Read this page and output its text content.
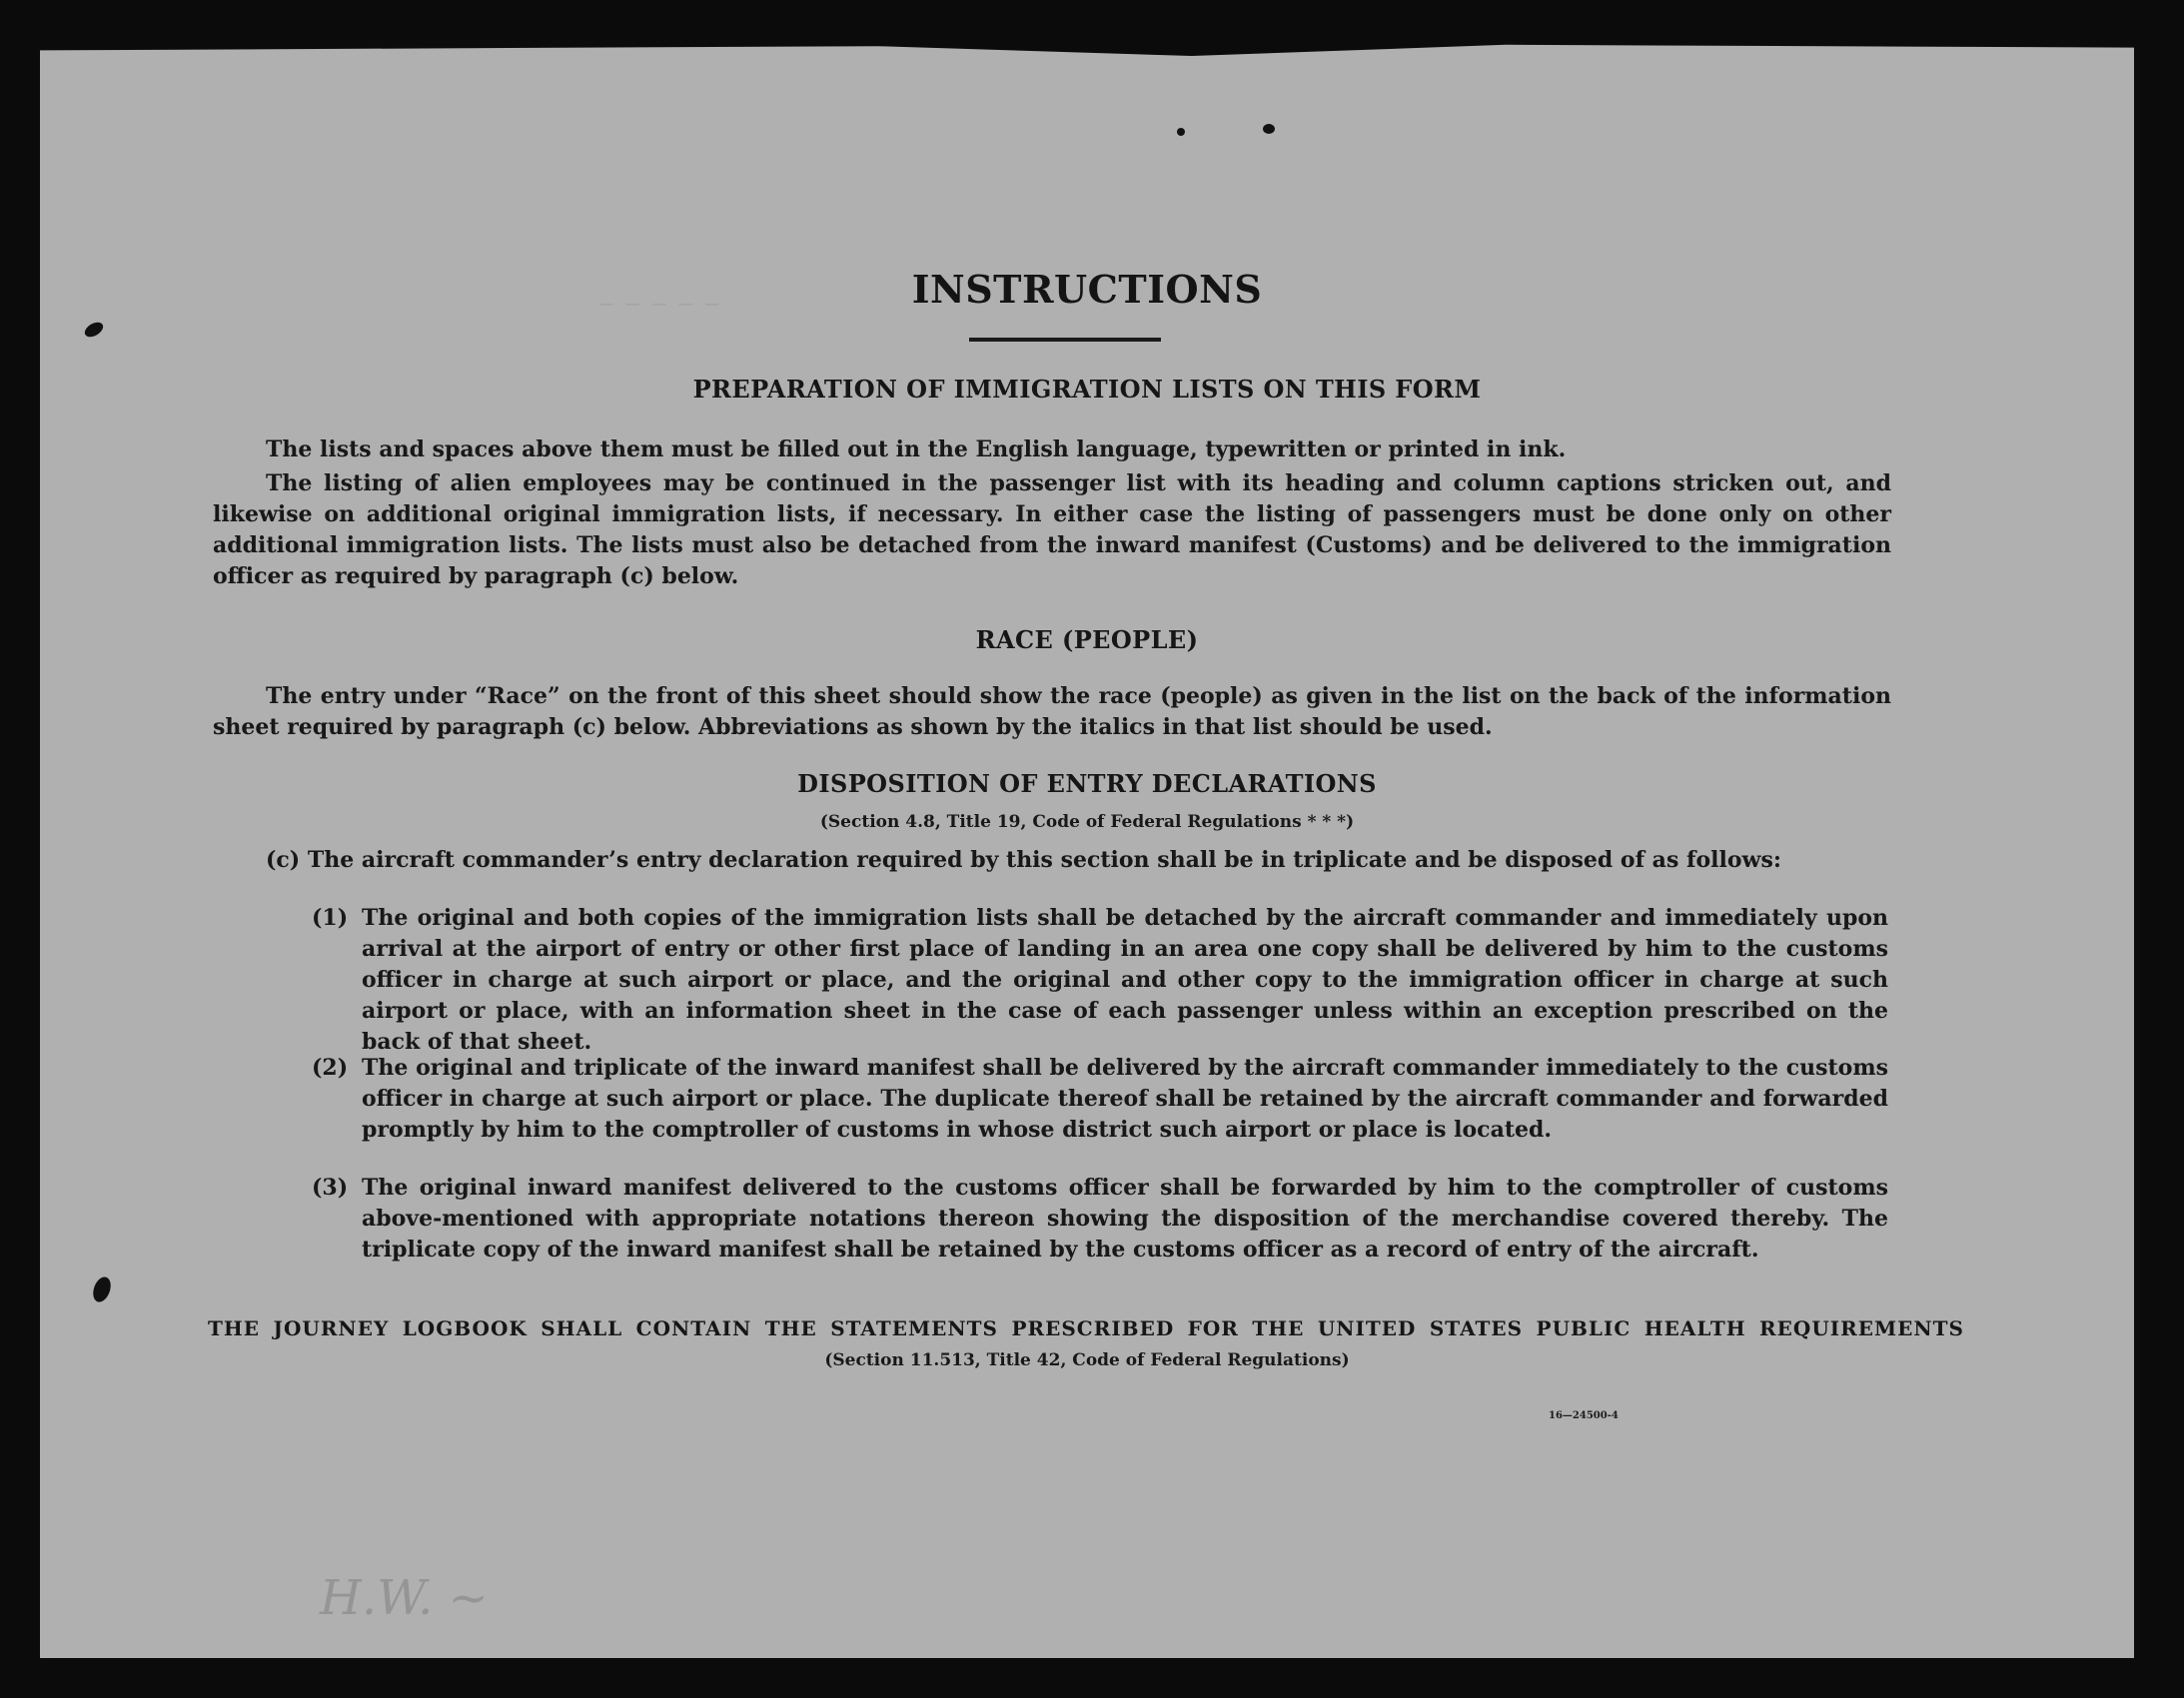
— — — — —	INSTRUCTIONS
PREPARATION OF IMMIGRATION LISTS ON THIS FORM
The lists and spaces above them must be filled out in the English language, typewritten or printed in ink.
The listing of alien employees may be continued in the passenger list with its heading and column captions stricken out, and likewise on additional original immigration lists, if necessary. In either case the listing of passengers must be done only on other additional immigration lists. The lists must also be detached from the inward manifest (Customs) and be delivered to the immigration officer as required by paragraph (c) below.
RACE (PEOPLE)
The entry under “Race” on the front of this sheet should show the race (people) as given in the list on the back of the information sheet required by paragraph (c) below. Abbreviations as shown by the italics in that list should be used.
DISPOSITION OF ENTRY DECLARATIONS
(Section 4.8, Title 19, Code of Federal Regulations * * *)
(c) The aircraft commander’s entry declaration required by this section shall be in triplicate and be disposed of as follows:
(1) The original and both copies of the immigration lists shall be detached by the aircraft commander and immediately upon arrival at the airport of entry or other first place of landing in an area one copy shall be delivered by him to the customs officer in charge at such airport or place, and the original and other copy to the immigration officer in charge at such airport or place, with an information sheet in the case of each passenger unless within an exception prescribed on the back of that sheet.
(2) The original and triplicate of the inward manifest shall be delivered by the aircraft commander immediately to the customs officer in charge at such airport or place. The duplicate thereof shall be retained by the aircraft commander and forwarded promptly by him to the comptroller of customs in whose district such airport or place is located.
(3) The original inward manifest delivered to the customs officer shall be forwarded by him to the comptroller of customs above-mentioned with appropriate notations thereon showing the disposition of the merchandise covered thereby. The triplicate copy of the inward manifest shall be retained by the customs officer as a record of entry of the aircraft.
THE JOURNEY LOGBOOK SHALL CONTAIN THE STATEMENTS PRESCRIBED FOR THE UNITED STATES PUBLIC HEALTH REQUIREMENTS
(Section 11.513, Title 42, Code of Federal Regulations)
16—24500-4
H.W. ~
